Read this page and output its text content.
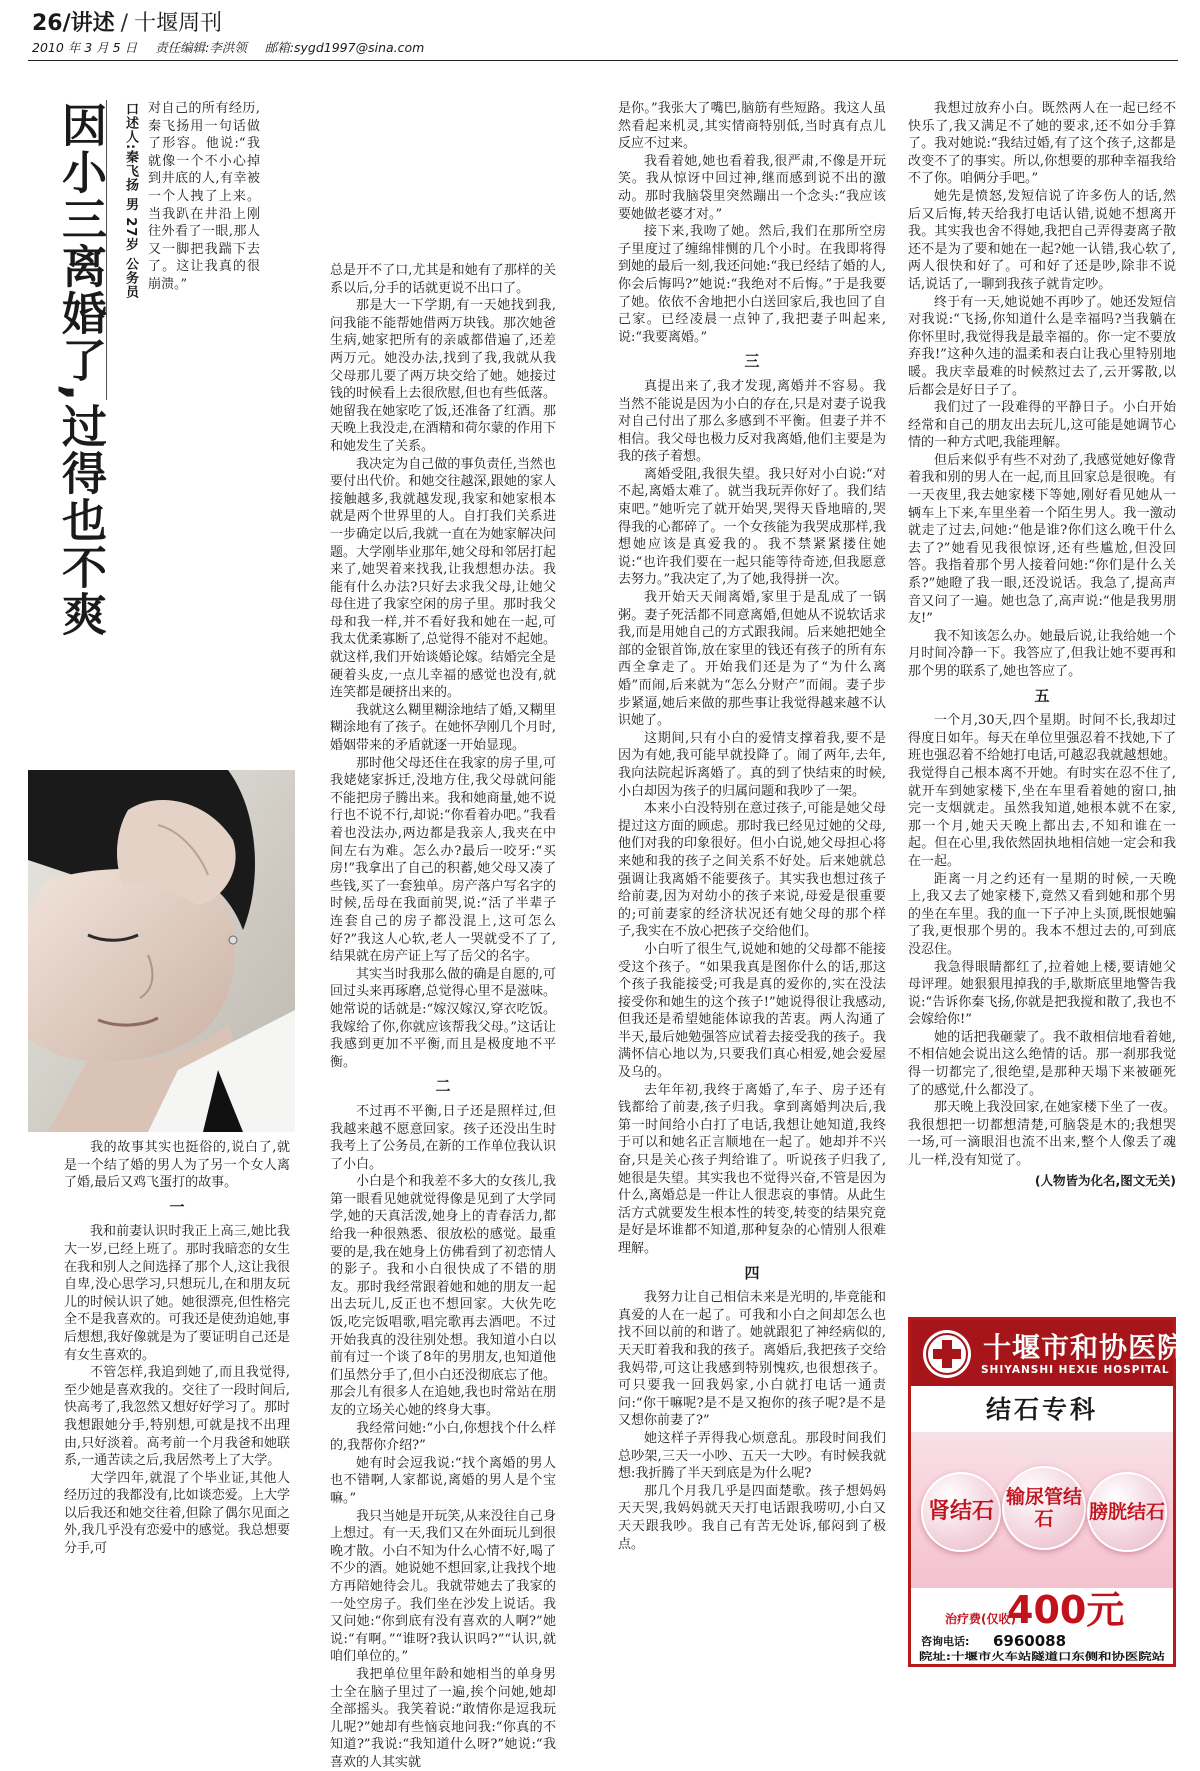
26/讲述 / 十堰周刊
2010 年 3 月 5 日 责任编辑:李洪领 邮箱:sygd1997@sina.com
因小三离婚了,过得也不爽	口述人:秦飞扬 男 27岁 公务员 对自己的所有经历,秦飞扬用一句话做了形容。他说:“我就像一个不小心掉到井底的人,有幸被一个人拽了上来。当我趴在井沿上刚往外看了一眼,那人又一脚把我踹下去了。这让我真的很崩溃。”

我的故事其实也挺俗的,说白了,就是一个结了婚的男人为了另一个女人离了婚,最后又鸡飞蛋打的故事。

一

我和前妻认识时我正上高三,她比我大一岁,已经上班了。那时我暗恋的女生在我和别人之间选择了那个人,这让我很自卑,没心思学习,只想玩儿,在和朋友玩儿的时候认识了她。她很漂亮,但性格完全不是我喜欢的。可我还是使劲追她,事后想想,我好像就是为了要证明自己还是有女生喜欢的。

不管怎样,我追到她了,而且我觉得,至少她是喜欢我的。交往了一段时间后,快高考了,我忽然又想好好学习了。那时我想跟她分手,特别想,可就是找不出理由,只好淡着。高考前一个月我爸和她联系,一通苦读之后,我居然考上了大学。

大学四年,就混了个毕业证,其他人经历过的我都没有,比如谈恋爱。上大学以后我还和她交往着,但除了偶尔见面之外,我几乎没有恋爱中的感觉。我总想要分手,可

总是开不了口,尤其是和她有了那样的关系以后,分手的话就更说不出口了。

那是大一下学期,有一天她找到我,问我能不能帮她借两万块钱。那次她爸生病,她家把所有的亲戚都借遍了,还差两万元。她没办法,找到了我,我就从我父母那儿要了两万块交给了她。她接过钱的时候看上去很欣慰,但也有些低落。她留我在她家吃了饭,还准备了红酒。那天晚上我没走,在酒精和荷尔蒙的作用下和她发生了关系。

我决定为自己做的事负责任,当然也要付出代价。和她交往越深,跟她的家人接触越多,我就越发现,我家和她家根本就是两个世界里的人。自打我们关系进一步确定以后,我就一直在为她家解决问题。大学刚毕业那年,她父母和邻居打起来了,她哭着来找我,让我想想办法。我能有什么办法?只好去求我父母,让她父母住进了我家空闲的房子里。那时我父母和我一样,并不看好我和她在一起,可我太优柔寡断了,总觉得不能对不起她。就这样,我们开始谈婚论嫁。结婚完全是硬着头皮,一点儿幸福的感觉也没有,就连笑都是硬挤出来的。

我就这么糊里糊涂地结了婚,又糊里糊涂地有了孩子。在她怀孕刚几个月时,婚姻带来的矛盾就逐一开始显现。

那时他父母还住在我家的房子里,可我姥姥家拆迁,没地方住,我父母就问能不能把房子腾出来。我和她商量,她不说行也不说不行,却说:“你看着办吧。”我看着也没法办,两边都是我亲人,我夹在中间左右为难。怎么办?最后一咬牙:“买房!”我拿出了自己的积蓄,她父母又凑了些钱,买了一套独单。房产落户写名字的时候,岳母在我面前哭,说:“活了半辈子连套自己的房子都没混上,这可怎么好?”我这人心软,老人一哭就受不了了,结果就在房产证上写了岳父的名字。

其实当时我那么做的确是自愿的,可回过头来再琢磨,总觉得心里不是滋味。她常说的话就是:“嫁汉嫁汉,穿衣吃饭。我嫁给了你,你就应该帮我父母。”这话让我感到更加不平衡,而且是极度地不平衡。

二

不过再不平衡,日子还是照样过,但我越来越不愿意回家。孩子还没出生时我考上了公务员,在新的工作单位我认识了小白。

小白是个和我差不多大的女孩儿,我第一眼看见她就觉得像是见到了大学同学,她的天真活泼,她身上的青春活力,都给我一种很熟悉、很放松的感觉。最重要的是,我在她身上仿佛看到了初恋情人的影子。我和小白很快成了不错的朋友。那时我经常跟着她和她的朋友一起出去玩儿,反正也不想回家。大伙先吃饭,吃完饭唱歌,唱完歌再去酒吧。不过开始我真的没往别处想。我知道小白以前有过一个谈了8年的男朋友,也知道他们虽然分手了,但小白还没彻底忘了他。那会儿有很多人在追她,我也时常站在朋友的立场关心她的终身大事。

我经常问她:“小白,你想找个什么样的,我帮你介绍?”

她有时会逗我说:“找个离婚的男人也不错啊,人家都说,离婚的男人是个宝嘛。”

我只当她是开玩笑,从来没往自己身上想过。有一天,我们又在外面玩儿到很晚才散。小白不知为什么心情不好,喝了不少的酒。她说她不想回家,让我找个地方再陪她待会儿。我就带她去了我家的一处空房子。我们坐在沙发上说话。我又问她:“你到底有没有喜欢的人啊?”她说:“有啊。”“谁呀?我认识吗?”“认识,就咱们单位的。”

我把单位里年龄和她相当的单身男士全在脑子里过了一遍,挨个问她,她却全部摇头。我笑着说:“敢情你是逗我玩儿呢?”她却有些恼哀地问我:“你真的不知道?”我说:“我知道什么呀?”她说:“我喜欢的人其实就

是你。”我张大了嘴巴,脑筋有些短路。我这人虽然看起来机灵,其实情商特别低,当时真有点儿反应不过来。

我看着她,她也看着我,很严肃,不像是开玩笑。我从惊讶中回过神,继而感到说不出的激动。那时我脑袋里突然蹦出一个念头:“我应该要她做老婆才对。”

接下来,我吻了她。然后,我们在那所空房子里度过了缠绵悱恻的几个小时。在我即将得到她的最后一刻,我还问她:“我已经结了婚的人,你会后悔吗?”她说:“我绝对不后悔。”于是我要了她。依依不舍地把小白送回家后,我也回了自己家。已经凌晨一点钟了,我把妻子叫起来,说:“我要离婚。”

三

真提出来了,我才发现,离婚并不容易。我当然不能说是因为小白的存在,只是对妻子说我对自己付出了那么多感到不平衡。但妻子并不相信。我父母也极力反对我离婚,他们主要是为我的孩子着想。

离婚受阻,我很失望。我只好对小白说:“对不起,离婚太难了。就当我玩弄你好了。我们结束吧。”她听完了就开始哭,哭得天昏地暗的,哭得我的心都碎了。一个女孩能为我哭成那样,我想她应该是真爱我的。我不禁紧紧搂住她说:“也许我们要在一起只能等待奇迹,但我愿意去努力。”我决定了,为了她,我得拼一次。

我开始天天闹离婚,家里于是乱成了一锅粥。妻子死活都不同意离婚,但她从不说软话求我,而是用她自己的方式跟我闹。后来她把她全部的金银首饰,放在家里的钱还有孩子的所有东西全拿走了。开始我们还是为了“为什么离婚”而闹,后来就为“怎么分财产”而闹。妻子步步紧逼,她后来做的那些事让我觉得越来越不认识她了。

这期间,只有小白的爱情支撑着我,要不是因为有她,我可能早就投降了。闹了两年,去年,我向法院起诉离婚了。真的到了快结束的时候,小白却因为孩子的归属问题和我吵了一架。

本来小白没特别在意过孩子,可能是她父母提过这方面的顾虑。那时我已经见过她的父母,他们对我的印象很好。但小白说,她父母担心将来她和我的孩子之间关系不好处。后来她就总强调让我离婚不能要孩子。其实我也想过孩子给前妻,因为对幼小的孩子来说,母爱是很重要的;可前妻家的经济状况还有她父母的那个样子,我实在不放心把孩子交给他们。

小白听了很生气,说她和她的父母都不能接受这个孩子。“如果我真是图你什么的话,那这个孩子我能接受;可我是真的爱你的,实在没法接受你和她生的这个孩子!”她说得很让我感动,但我还是希望她能体谅我的苦衷。两人沟通了半天,最后她勉强答应试着去接受我的孩子。我满怀信心地以为,只要我们真心相爱,她会爱屋及乌的。

去年年初,我终于离婚了,车子、房子还有钱都给了前妻,孩子归我。拿到离婚判决后,我第一时间给小白打了电话,我想让她知道,我终于可以和她名正言顺地在一起了。她却并不兴奋,只是关心孩子判给谁了。听说孩子归我了,她很是失望。其实我也不觉得兴奋,不管是因为什么,离婚总是一件让人很悲哀的事情。从此生活方式就要发生根本性的转变,转变的结果究竟是好是坏谁都不知道,那种复杂的心情别人很难理解。

四

我努力让自己相信未来是光明的,毕竟能和真爱的人在一起了。可我和小白之间却怎么也找不回以前的和谐了。她就跟犯了神经病似的,天天盯着我和我的孩子。离婚后,我把孩子交给我妈带,可这让我感到特别愧疚,也很想孩子。可只要我一回我妈家,小白就打电话一通责问:“你干嘛呢?是不是又抱你的孩子呢?是不是又想你前妻了?”

她这样子弄得我心烦意乱。那段时间我们总吵架,三天一小吵、五天一大吵。有时候我就想:我折腾了半天到底是为什么呢?

那几个月我几乎是四面楚歌。孩子想妈妈天天哭,我妈妈就天天打电话跟我唠叨,小白又天天跟我吵。我自己有苦无处诉,郁闷到了极点。

我想过放弃小白。既然两人在一起已经不快乐了,我又满足不了她的要求,还不如分手算了。我对她说:“我结过婚,有了这个孩子,这都是改变不了的事实。所以,你想要的那种幸福我给不了你。咱俩分手吧。”

她先是愤怒,发短信说了许多伤人的话,然后又后悔,转天给我打电话认错,说她不想离开我。其实我也舍不得她,我把自己弄得妻离子散还不是为了要和她在一起?她一认错,我心软了,两人很快和好了。可和好了还是吵,除非不说话,说话了,一聊到我孩子就肯定吵。

终于有一天,她说她不再吵了。她还发短信对我说:“飞扬,你知道什么是幸福吗?当我躺在你怀里时,我觉得我是最幸福的。你一定不要放弃我!”这种久违的温柔和表白让我心里特别地暖。我庆幸最难的时候熬过去了,云开雾散,以后都会是好日子了。

我们过了一段难得的平静日子。小白开始经常和自己的朋友出去玩儿,这可能是她调节心情的一种方式吧,我能理解。

但后来似乎有些不对劲了,我感觉她好像背着我和别的男人在一起,而且回家总是很晚。有一天夜里,我去她家楼下等她,刚好看见她从一辆车上下来,车里坐着一个陌生男人。我一激动就走了过去,问她:“他是谁?你们这么晚干什么去了?”她看见我很惊讶,还有些尴尬,但没回答。我指着那个男人接着问她:“你们是什么关系?”她瞪了我一眼,还没说话。我急了,提高声音又问了一遍。她也急了,高声说:“他是我男朋友!”

我不知该怎么办。她最后说,让我给她一个月时间冷静一下。我答应了,但我让她不要再和那个男的联系了,她也答应了。

五

一个月,30天,四个星期。时间不长,我却过得度日如年。每天在单位里强忍着不找她,下了班也强忍着不给她打电话,可越忍我就越想她。我觉得自己根本离不开她。有时实在忍不住了,就开车到她家楼下,坐在车里看着她的窗口,抽完一支烟就走。虽然我知道,她根本就不在家,那一个月,她天天晚上都出去,不知和谁在一起。但在心里,我依然固执地相信她一定会和我在一起。

距离一月之约还有一星期的时候,一天晚上,我又去了她家楼下,竟然又看到她和那个男的坐在车里。我的血一下子冲上头顶,既恨她骗了我,更恨那个男的。我本不想过去的,可到底没忍住。

我急得眼睛都红了,拉着她上楼,要请她父母评理。她狠狠甩掉我的手,歇斯底里地警告我说:“告诉你秦飞扬,你就是把我搅和散了,我也不会嫁给你!”

她的话把我砸蒙了。我不敢相信地看着她,不相信她会说出这么绝情的话。那一刹那我觉得一切都完了,很绝望,是那种天塌下来被砸死了的感觉,什么都没了。

那天晚上我没回家,在她家楼下坐了一夜。我很想把一切都想清楚,可脑袋是木的;我想哭一场,可一滴眼泪也流不出来,整个人像丢了魂儿一样,没有知觉了。

(人物皆为化名,图文无关)
十堰市和协医院
SHIYANSHI HEXIE HOSPITAL
结石专科
肾结石
输尿管结石	膀胱结石
治疗费(仅收)
400元
咨询电话: 6960088
院址:十堰市火车站隧道口东侧和协医院站
